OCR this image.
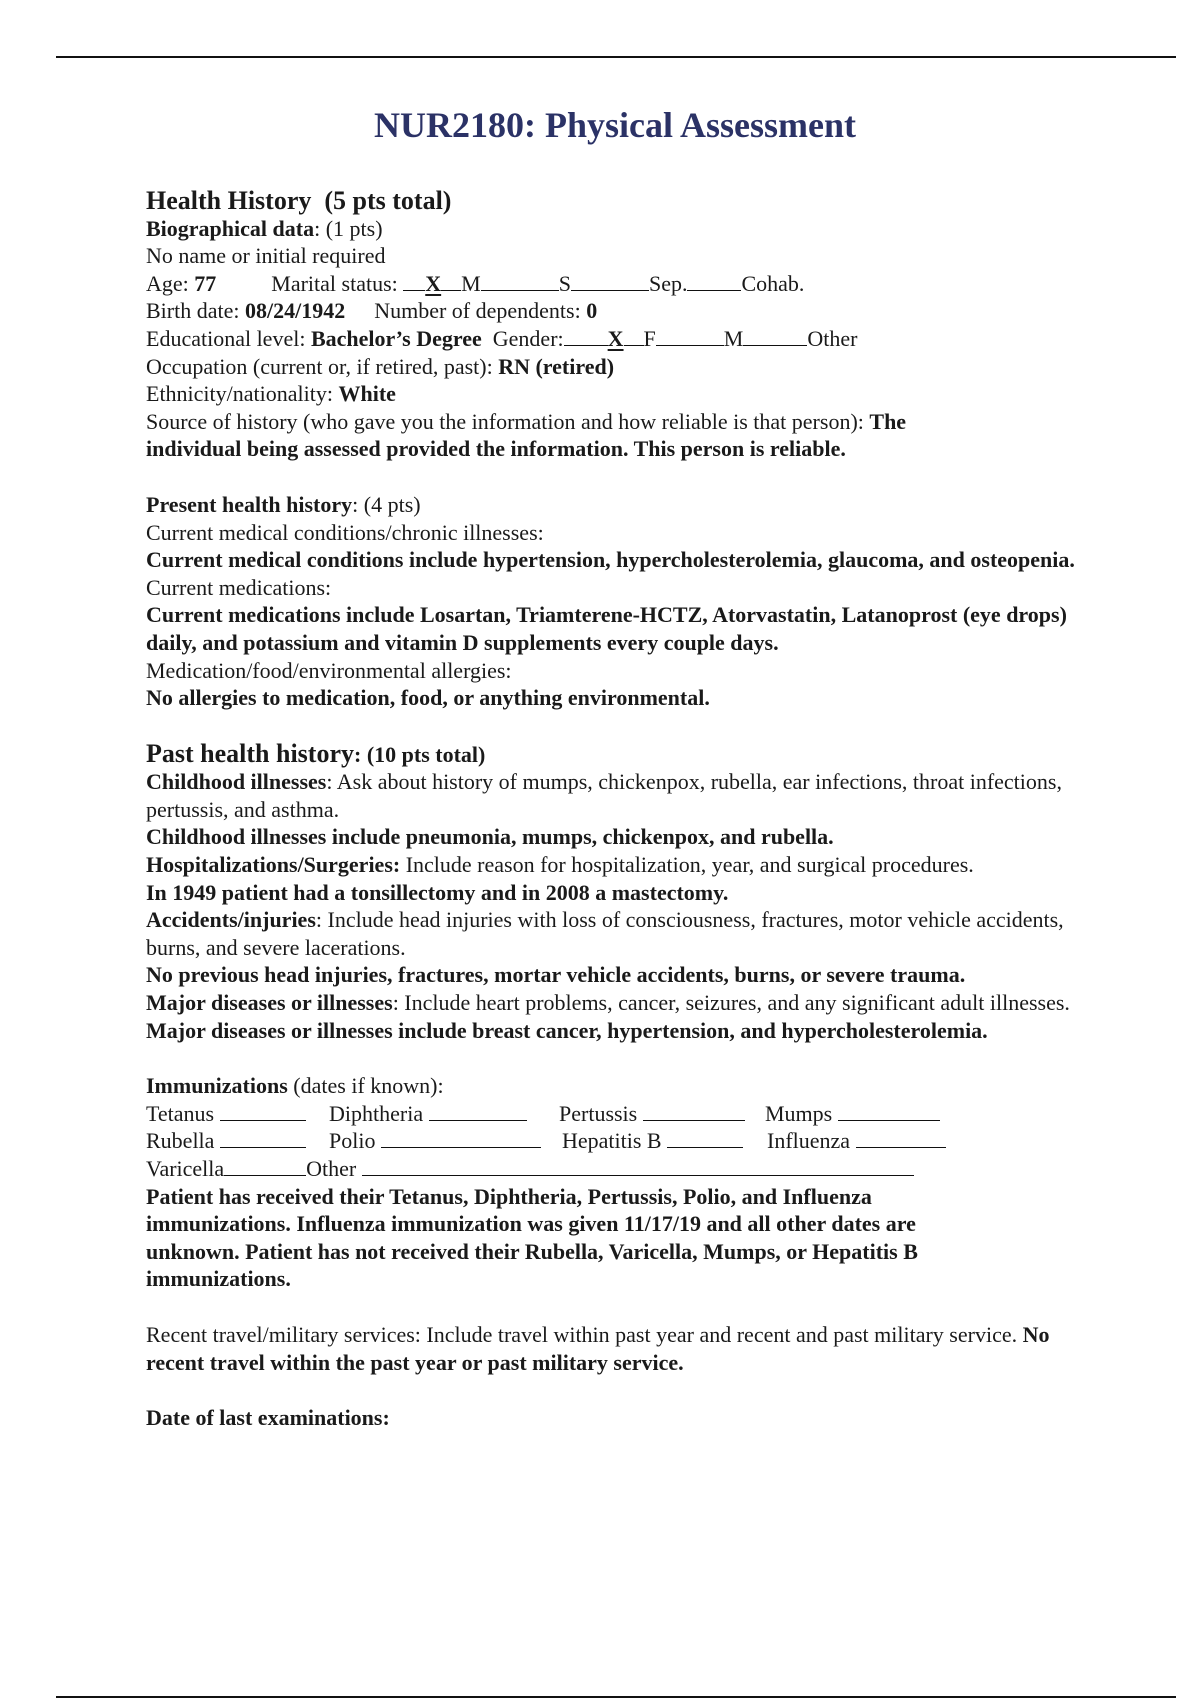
NUR2180: Physical Assessment
Health History (5 pts total)
Biographical data: (1 pts)
No name or initial required
Age: 77	Marital status: X M	S	Sep. Cohab.
Birth date: 08/24/1942 Number of dependents: 0
Educational level: Bachelor’s Degree Gender: X F	M	Other
Occupation (current or, if retired, past): RN (retired)
Ethnicity/nationality: White
Source of history (who gave you the information and how reliable is that person): The
individual being assessed provided the information. This person is reliable.
Present health history: (4 pts)
Current medical conditions/chronic illnesses:
Current medical conditions include hypertension, hypercholesterolemia, glaucoma, and osteopenia. Current medications:
Current medications include Losartan, Triamterene-HCTZ, Atorvastatin, Latanoprost (eye drops) daily, and potassium and vitamin D supplements every couple days.
Medication/food/environmental allergies:
No allergies to medication, food, or anything environmental.
Past health history: (10 pts total)
Childhood illnesses: Ask about history of mumps, chickenpox, rubella, ear infections, throat infections, pertussis, and asthma.
Childhood illnesses include pneumonia, mumps, chickenpox, and rubella.
Hospitalizations/Surgeries: Include reason for hospitalization, year, and surgical procedures.
In 1949 patient had a tonsillectomy and in 2008 a mastectomy.
Accidents/injuries: Include head injuries with loss of consciousness, fractures, motor vehicle accidents, burns, and severe lacerations.
No previous head injuries, fractures, mortar vehicle accidents, burns, or severe trauma.
Major diseases or illnesses: Include heart problems, cancer, seizures, and any significant adult illnesses.
Major diseases or illnesses include breast cancer, hypertension, and hypercholesterolemia.
Immunizations (dates if known):
Tetanus	Diphtheria	Pertussis	Mumps
Rubella	Polio	Hepatitis B	Influenza
Varicella	Other
Patient has received their Tetanus, Diphtheria, Pertussis, Polio, and Influenza immunizations. Influenza immunization was given 11/17/19 and all other dates are unknown. Patient has not received their Rubella, Varicella, Mumps, or Hepatitis B immunizations.
Recent travel/military services: Include travel within past year and recent and past military service. No recent travel within the past year or past military service.
Date of last examinations:
